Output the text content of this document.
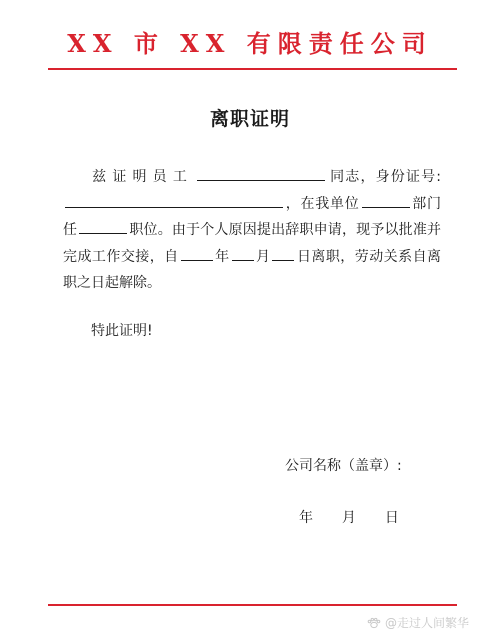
XX 市 XX 有限责任公司
离职证明
兹证明员工	同志，身份证号:，在我单位	部门任	职位。由于个人原因提出辞职申请，现予以批准并完成工作交接，自	年 月 日离职，劳动关系自离职之日起解除。
特此证明!
公司名称（盖章）:
年 月 日
@走过人间繁华
